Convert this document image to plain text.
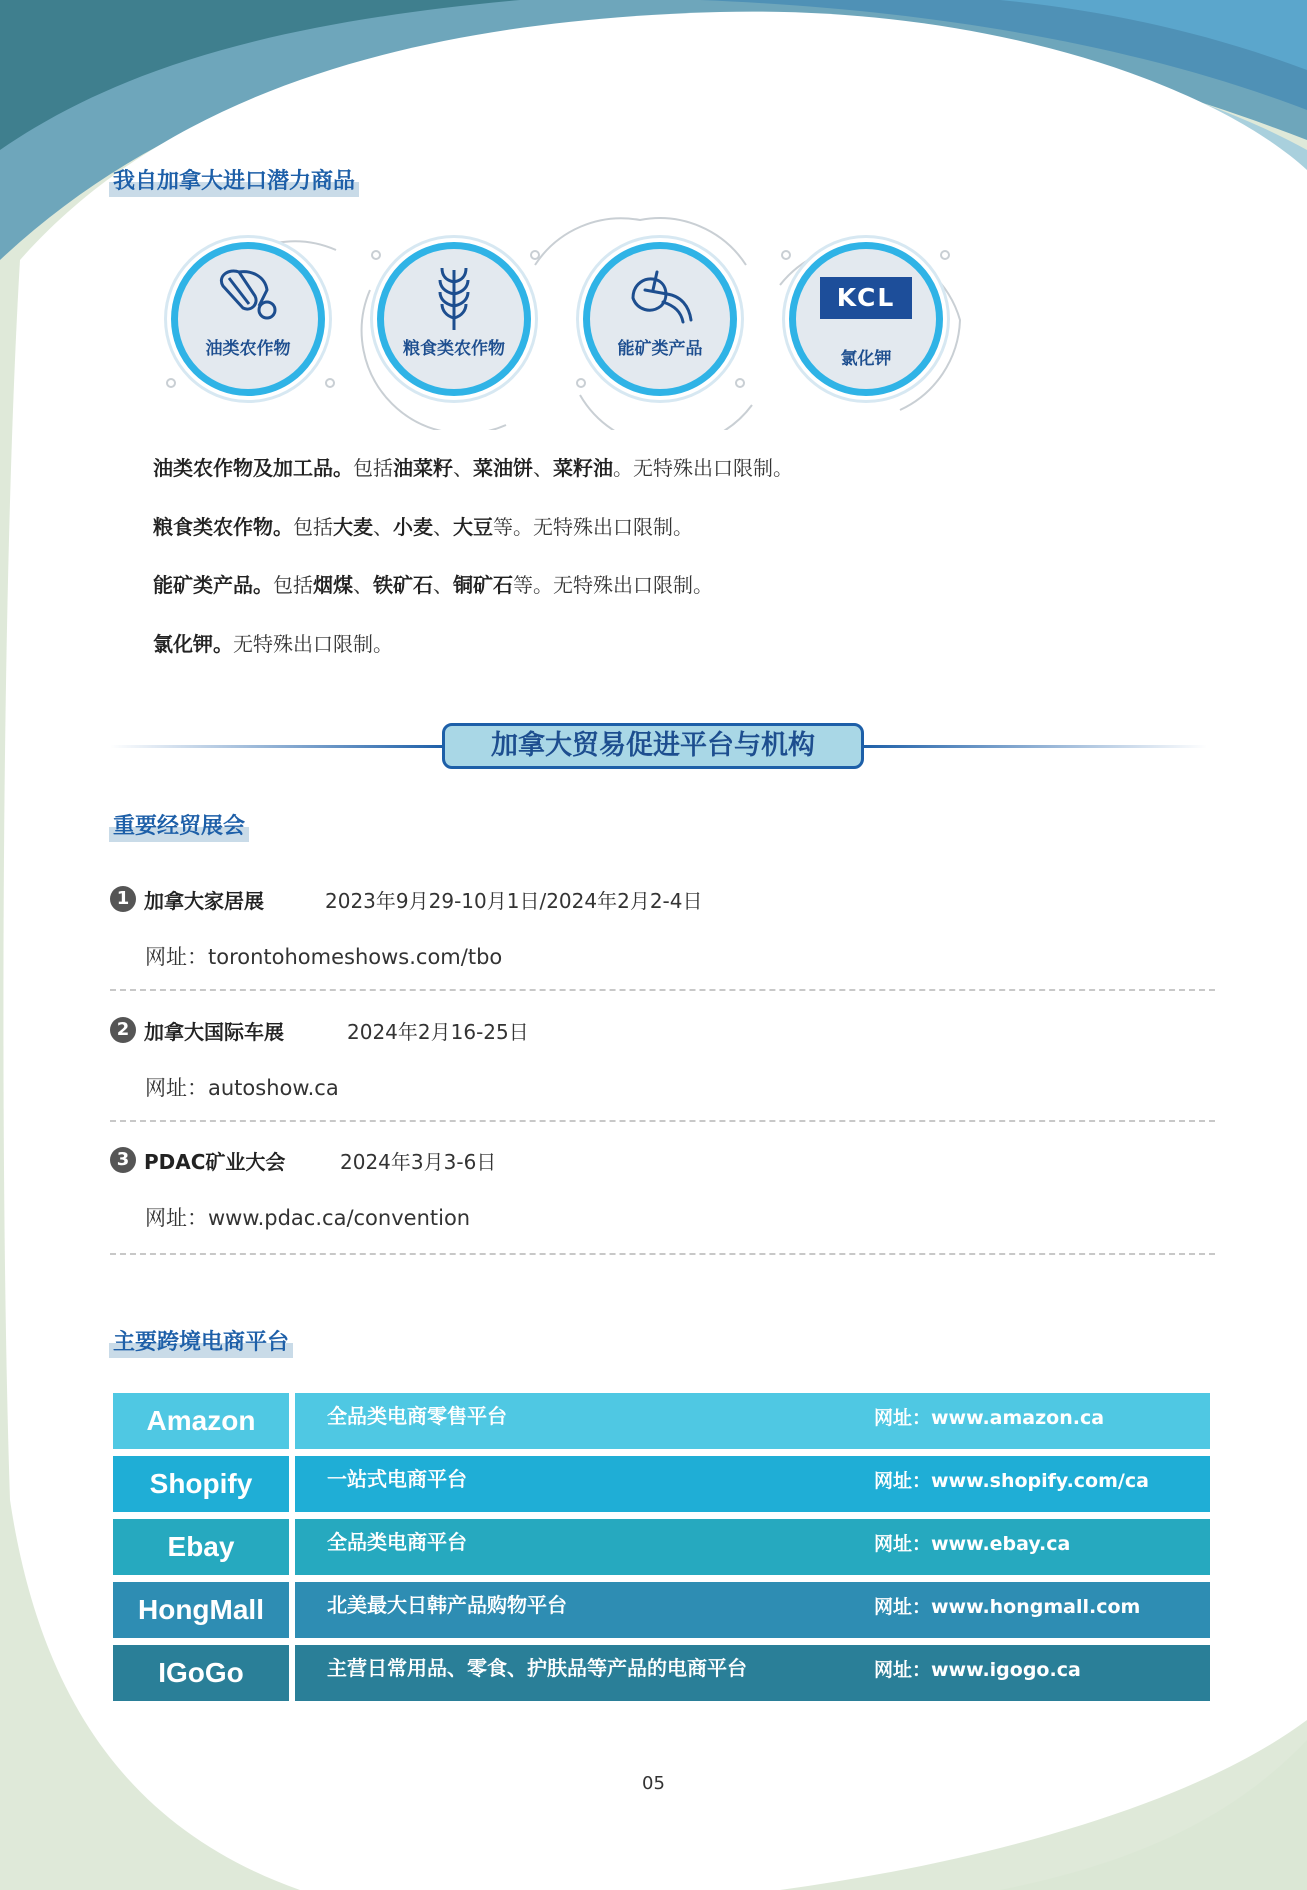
我自加拿大进口潜力商品
油类农作物	粮食类农作物	能矿类产品
KCL
氯化钾
油类农作物及加工品。包括油菜籽、菜油饼、菜籽油。无特殊出口限制。
粮食类农作物。包括大麦、小麦、大豆等。无特殊出口限制。
能矿类产品。包括烟煤、铁矿石、铜矿石等。无特殊出口限制。
氯化钾。无特殊出口限制。
加拿大贸易促进平台与机构
重要经贸展会
1 加拿大家居展	2023年9月29-10月1日/2024年2月2-4日
网址：torontohomeshows.com/tbo
2 加拿大国际车展	2024年2月16-25日
网址：autoshow.ca
3 PDAC矿业大会	2024年3月3-6日
网址：www.pdac.ca/convention
主要跨境电商平台
Amazon	全品类电商零售平台	网址：www.amazon.ca
Shopify	一站式电商平台	网址：www.shopify.com/ca
Ebay	全品类电商平台	网址：www.ebay.ca
HongMall	北美最大日韩产品购物平台	网址：www.hongmall.com
IGoGo	主营日常用品、零食、护肤品等产品的电商平台	网址：www.igogo.ca
05
